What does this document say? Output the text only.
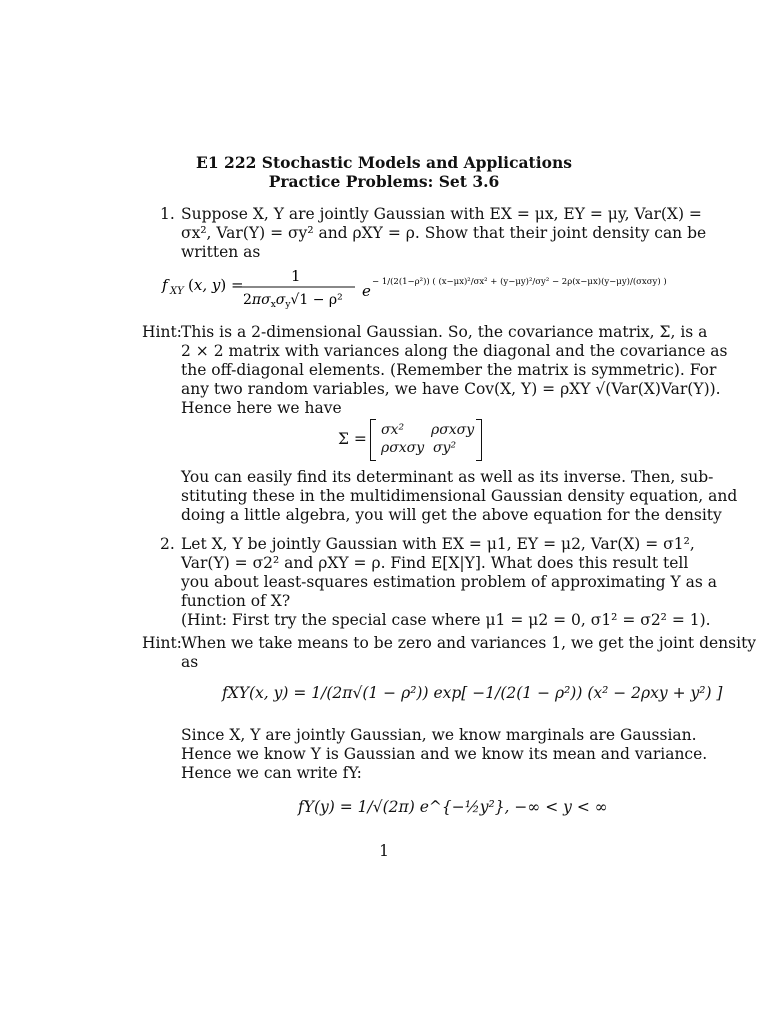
E1 222 Stochastic Models and Applications
Practice Problems: Set 3.6
1. Suppose X, Y are jointly Gaussian with EX = μx, EY = μy, Var(X) =
σx², Var(Y) = σy² and ρXY = ρ. Show that their joint density can be
written as
f XY (x, y) =	1
$2\pi\sigma_x\sigma_y√1 - \rho^2$ e − 1/(2(1−ρ²)) ( (x−μx)²/σx² + (y−μy)²/σy² − 2ρ(x−μx)(y−μy)/(σxσy) )
Hint: This is a 2-dimensional Gaussian. So, the covariance matrix, Σ, is a
2 × 2 matrix with variances along the diagonal and the covariance as
the off-diagonal elements. (Remember the matrix is symmetric). For
any two random variables, we have Cov(X, Y) = ρXY √(Var(X)Var(Y)).
Hence here we have
Σ = σx² ρσxσy
ρσxσy σy²
You can easily find its determinant as well as its inverse. Then, sub-
stituting these in the multidimensional Gaussian density equation, and
doing a little algebra, you will get the above equation for the density
2. Let X, Y be jointly Gaussian with EX = μ1, EY = μ2, Var(X) = σ1²,
Var(Y) = σ2² and ρXY = ρ. Find E[X|Y]. What does this result tell
you about least-squares estimation problem of approximating Y as a
function of X?
(Hint: First try the special case where μ1 = μ2 = 0, σ1² = σ2² = 1).
Hint: When we take means to be zero and variances 1, we get the joint density
as
fXY(x, y) = 1/(2π√(1 − ρ²)) exp[ −1/(2(1 − ρ²)) (x² − 2ρxy + y²) ]
Since X, Y are jointly Gaussian, we know marginals are Gaussian.
Hence we know Y is Gaussian and we know its mean and variance.
Hence we can write fY:
fY(y) = 1/√(2π) e^{−½y²}, −∞ < y < ∞
1
